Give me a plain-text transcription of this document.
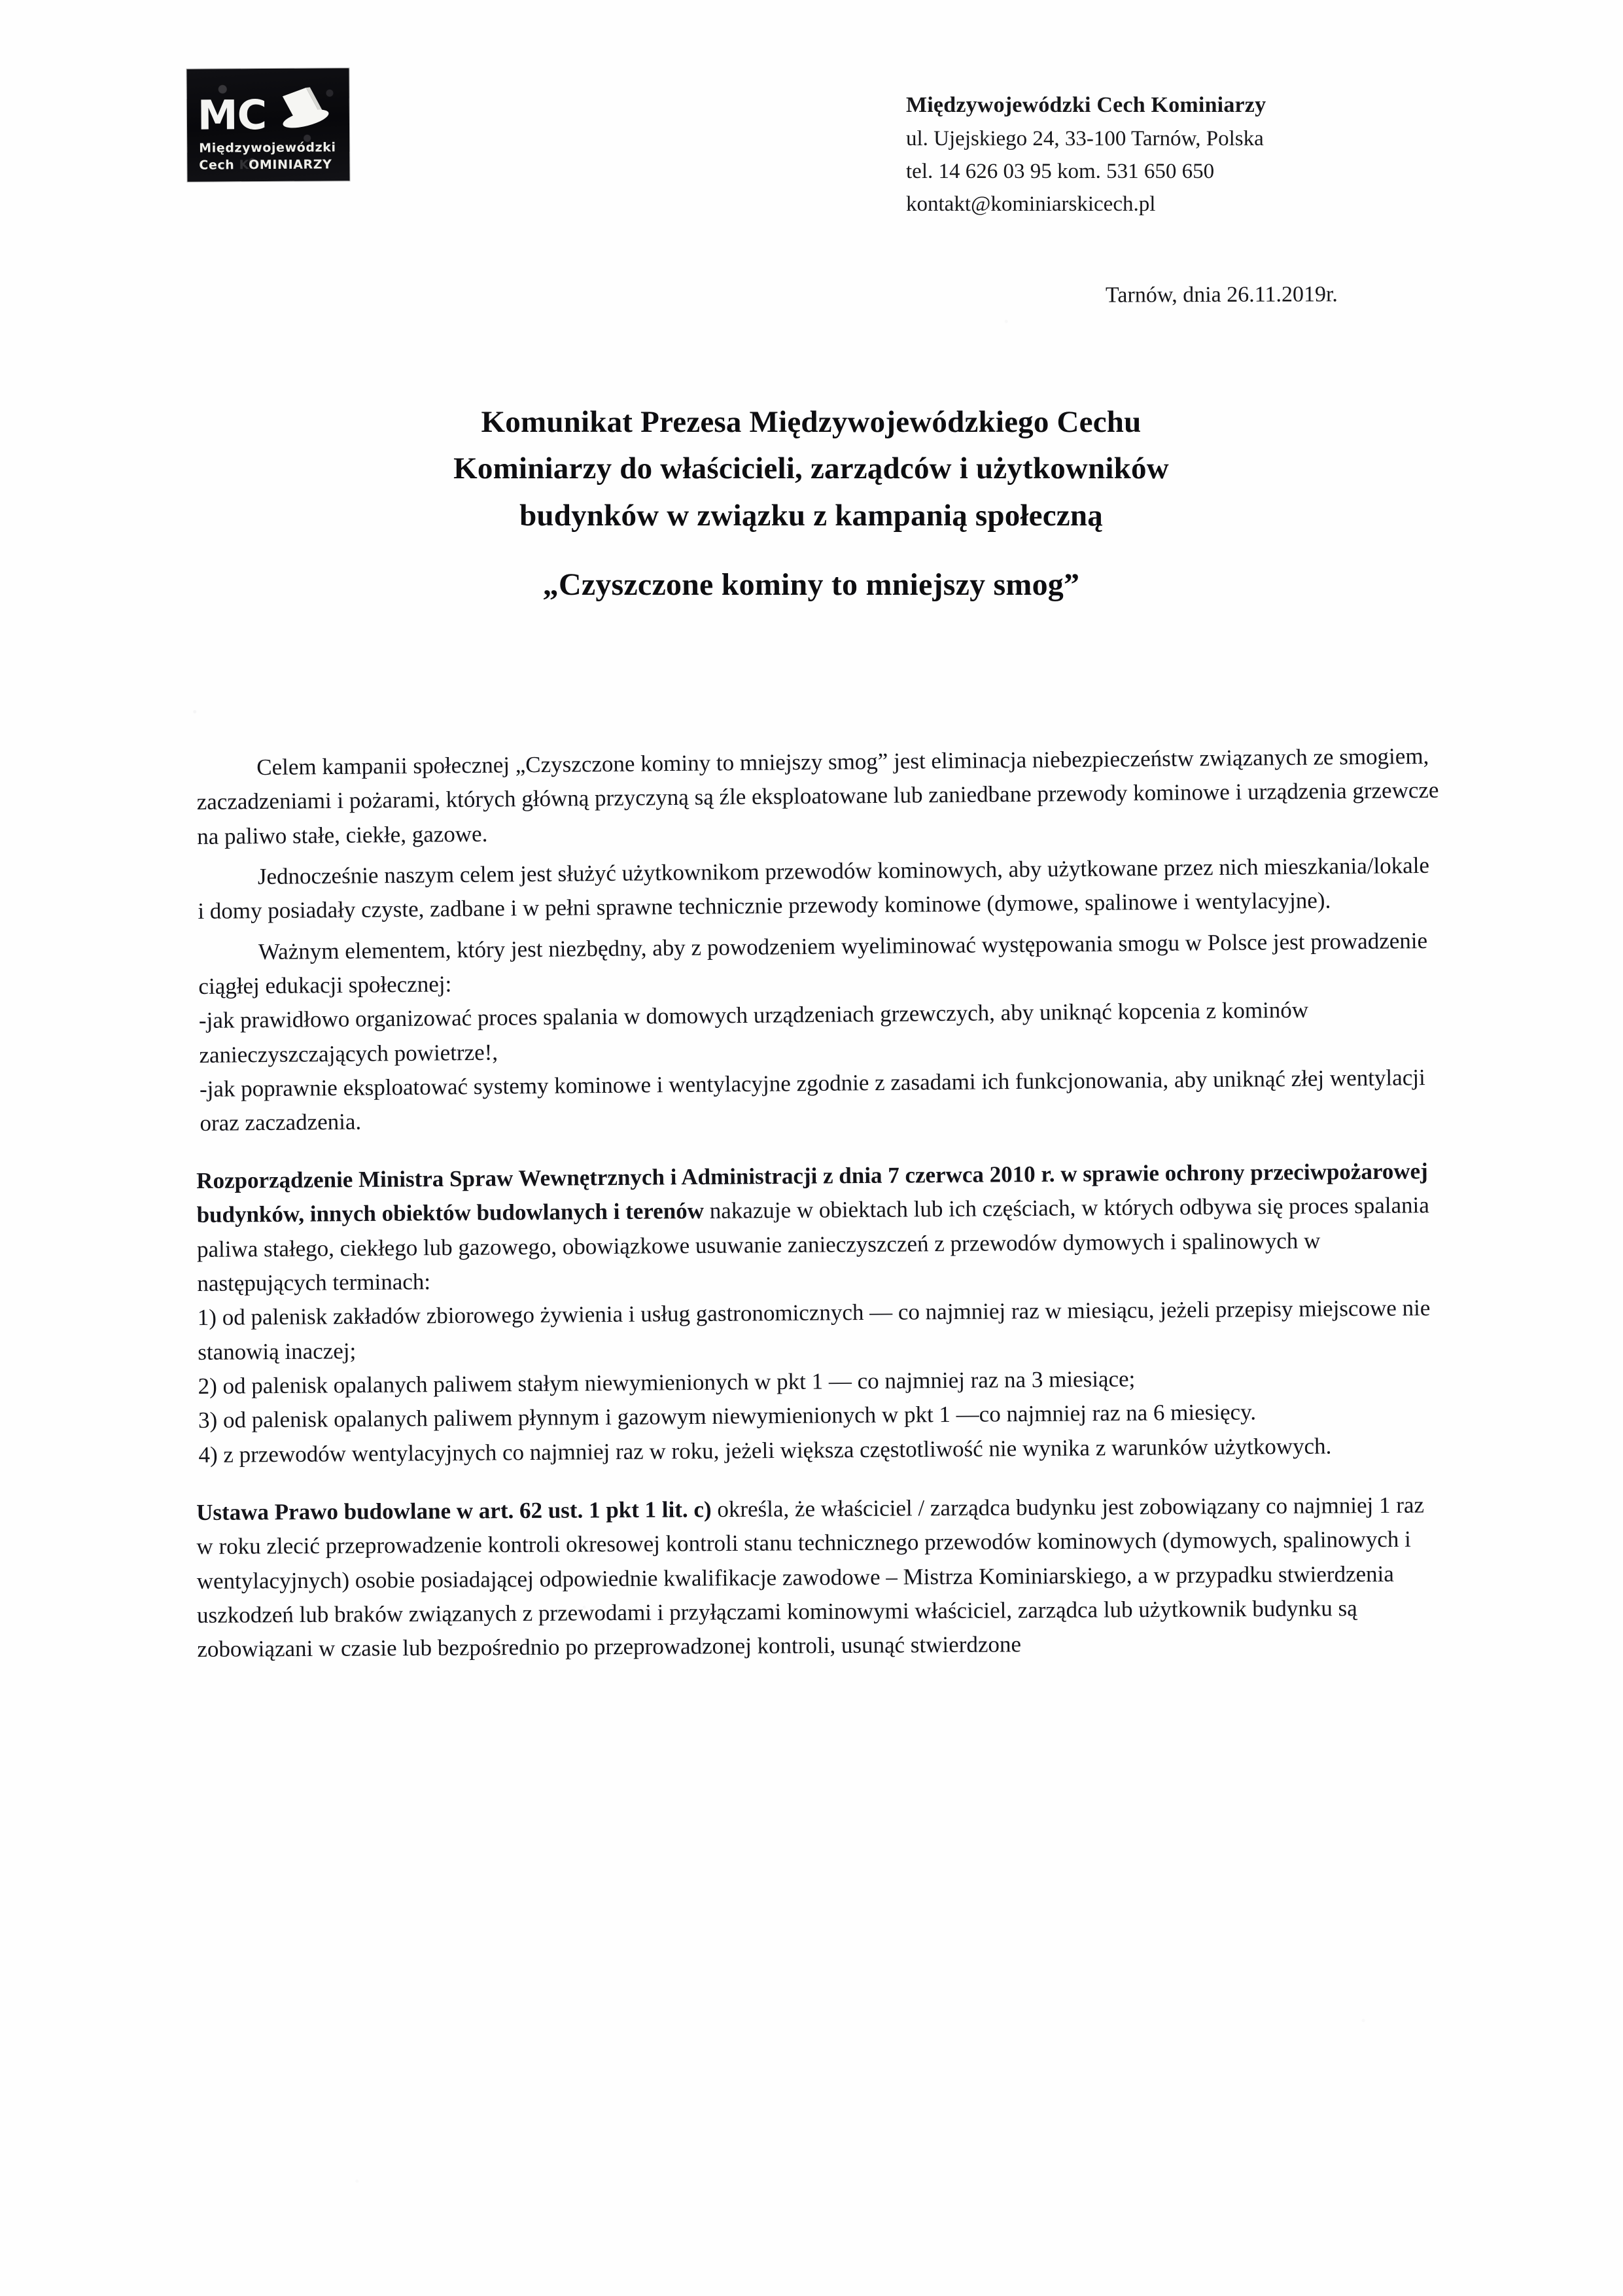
MC
Międzywojewódzki
Cech KOMINIARZY
Międzywojewódzki Cech Kominiarzy
ul. Ujejskiego 24, 33-100 Tarnów, Polska
tel. 14 626 03 95 kom. 531 650 650
kontakt@kominiarskicech.pl
Tarnów, dnia 26.11.2019r.
Komunikat Prezesa Międzywojewódzkiego Cechu
Kominiarzy do właścicieli, zarządców i użytkowników
budynków w związku z kampanią społeczną
„Czyszczone kominy to mniejszy smog”

Celem kampanii społecznej „Czyszczone kominy to mniejszy smog” jest eliminacja niebezpieczeństw związanych ze smogiem, zaczadzeniami i pożarami, których główną przyczyną są źle eksploatowane lub zaniedbane przewody kominowe i urządzenia grzewcze na paliwo stałe, ciekłe, gazowe.

Jednocześnie naszym celem jest służyć użytkownikom przewodów kominowych, aby użytkowane przez nich mieszkania/lokale i domy posiadały czyste, zadbane i w pełni sprawne technicznie przewody kominowe (dymowe, spalinowe i wentylacyjne).

Ważnym elementem, który jest niezbędny, aby z powodzeniem wyeliminować występowania smogu w Polsce jest prowadzenie ciągłej edukacji społecznej:

-jak prawidłowo organizować proces spalania w domowych urządzeniach grzewczych, aby uniknąć kopcenia z kominów zanieczyszczających powietrze!,

-jak poprawnie eksploatować systemy kominowe i wentylacyjne zgodnie z zasadami ich funkcjonowania, aby uniknąć złej wentylacji oraz zaczadzenia.

Rozporządzenie Ministra Spraw Wewnętrznych i Administracji z dnia 7 czerwca 2010 r. w sprawie ochrony przeciwpożarowej budynków, innych obiektów budowlanych i terenów nakazuje w obiektach lub ich częściach, w których odbywa się proces spalania paliwa stałego, ciekłego lub gazowego, obowiązkowe usuwanie zanieczyszczeń z przewodów dymowych i spalinowych w następujących terminach:

1) od palenisk zakładów zbiorowego żywienia i usług gastronomicznych — co najmniej raz w miesiącu, jeżeli przepisy miejscowe nie stanowią inaczej;

2) od palenisk opalanych paliwem stałym niewymienionych w pkt 1 — co najmniej raz na 3 miesiące;

3) od palenisk opalanych paliwem płynnym i gazowym niewymienionych w pkt 1 —co najmniej raz na 6 miesięcy.

4) z przewodów wentylacyjnych co najmniej raz w roku, jeżeli większa częstotliwość nie wynika z warunków użytkowych.

Ustawa Prawo budowlane w art. 62 ust. 1 pkt 1 lit. c) określa, że właściciel / zarządca budynku jest zobowiązany co najmniej 1 raz w roku zlecić przeprowadzenie kontroli okresowej kontroli stanu technicznego przewodów kominowych (dymowych, spalinowych i wentylacyjnych) osobie posiadającej odpowiednie kwalifikacje zawodowe – Mistrza Kominiarskiego, a w przypadku stwierdzenia uszkodzeń lub braków związanych z przewodami i przyłączami kominowymi właściciel, zarządca lub użytkownik budynku są zobowiązani w czasie lub bezpośrednio po przeprowadzonej kontroli, usunąć stwierdzone
